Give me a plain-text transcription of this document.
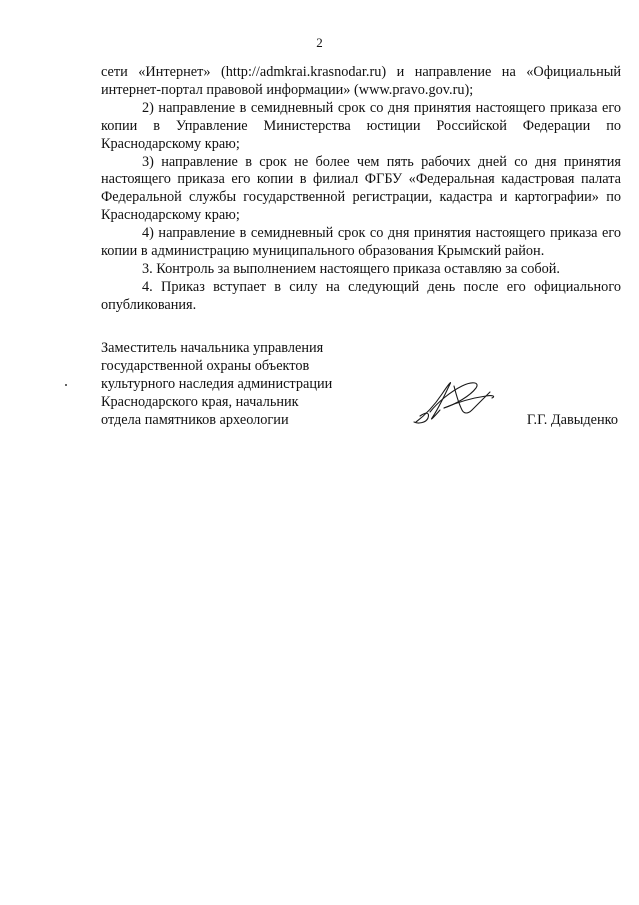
2

сети «Интернет» (http://admkrai.krasnodar.ru) и направление на «Официальный интернет-портал правовой информации» (www.pravo.gov.ru);

2) направление в семидневный срок со дня принятия настоящего приказа его копии в Управление Министерства юстиции Российской Федерации по Краснодарскому краю;

3) направление в срок не более чем пять рабочих дней со дня принятия настоящего приказа его копии в филиал ФГБУ «Федеральная кадастровая палата Федеральной службы государственной регистрации, кадастра и картографии» по Краснодарскому краю;

4) направление в семидневный срок со дня принятия настоящего приказа его копии в администрацию муниципального образования Крымский район.

3. Контроль за выполнением настоящего приказа оставляю за собой.

4. Приказ вступает в силу на следующий день после его официального опубликования.

Заместитель начальника управления
государственной охраны объектов
культурного наследия администрации
Краснодарского края, начальник
отдела памятников археологии	Г.Г. Давыденко
